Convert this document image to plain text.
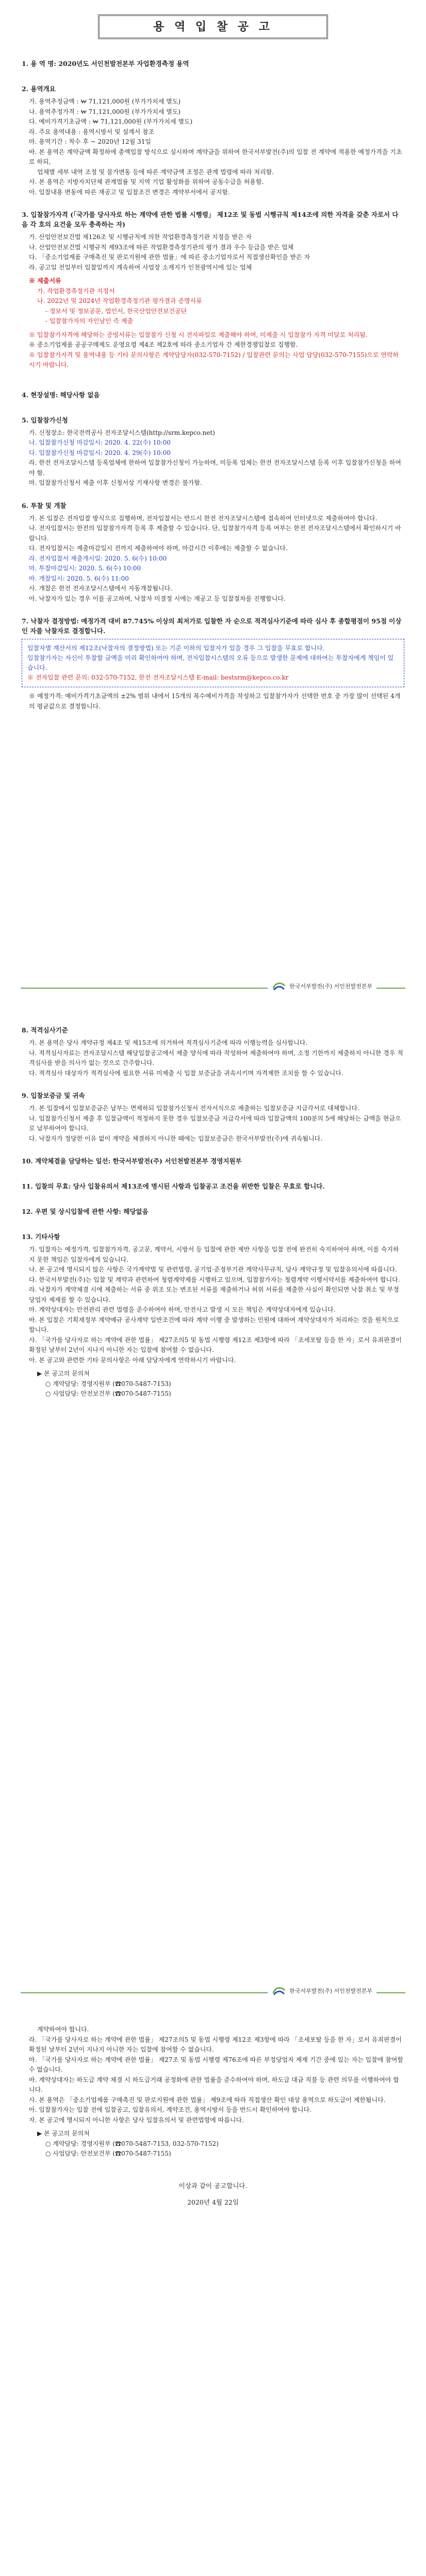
용 역 입 찰 공 고
1. 용 역 명: 2020년도 서인천발전본부 자업환경측정 용역
2. 용역개요
가. 용역추정금액 : ₩ 71,121,000원 (부가가치세 별도)
나. 용역추정가격 : ₩ 71,121,000원 (부가가치세 별도)
다. 예비가격기초금액 : ₩ 71,121,000원 (부가가치세 별도)
라. 주요 용역내용 : 용역시방서 및 설계서 참조
마. 용역기간 : 착수 후 ~ 2020년 12월 31일
바. 본 용역은 계약금액 확정하에 총액입찰 방식으로 실시하며 계약금을 위하여 한국서부발전(주)의 입찰 전 계약에 적용한 예정가격을 기초로 하되,
업체별 세부 내역 조정 및 물가변동 등에 따른 계약금액 조정은 관계 법령에 따라 처리함.
사. 본 용역은 지방자치단체 관계법률 및 지역 기업 활성화를 위하여 공동수급을 허용함.
아. 입찰내용 변동에 따른 재공고 및 입찰조건 변경은 계약부서에서 공지함.
3. 입찰참가자격 (「국가를 당사자로 하는 계약에 관한 법률 시행령」 제12조 및 동법 시행규칙 제14조에 의한 자격을 갖춘 자로서 다음 각 호의 요건을 모두 충족하는 자)
가. 산업안전보건법 제126조 및 시행규칙에 의한 작업환경측정기관 지정을 받은 자
나. 산업안전보건법 시행규칙 제93조에 따른 작업환경측정기관의 평가 결과 우수 등급을 받은 업체
다. 「중소기업제품 구매촉진 및 판로지원에 관한 법률」에 따른 중소기업자로서 직접생산확인을 받은 자
라. 공고일 전일부터 입찰일까지 계속하여 사업장 소재지가 인천광역시에 있는 업체
※ 제출서류
가. 작업환경측정기관 지정서
나. 2022년 및 2024년 작업환경측정기관 평가결과 증명서류
- 정보서 및 정보공문, 법인서, 한국산업안전보건공단
- 입찰참가자의 자인남인 즉 제출
※ 입찰참가자격에 해당하는 증빙서류는 입찰참가 신청 시 전자파일로 제출해야 하며, 미제출 시 입찰참가 자격 미달로 처리됨.
※ 중소기업제품 공공구매제도 운영요령 제4조 제2호에 따라 중소기업자 간 제한경쟁입찰로 집행함.
※ 입찰참가자격 및 용역내용 등 기타 문의사항은 계약담당자(032-570-7152) / 입찰관련 문의는 사업 담당(032-570-7155)으로 연락하시기 바랍니다.
4. 현장설명: 해당사항 없음
5. 입찰참가신청
가. 신청장소: 한국전력공사 전자조달시스템(http://srm.kepco.net)
나. 입찰참가신청 마감일시: 2020. 4. 22(수) 10:00
다. 입찰참가신청 마감일시: 2020. 4. 29(수) 10:00
라. 한전 전자조달시스템 등록업체에 한하여 입찰참가신청이 가능하며, 미등록 업체는 한전 전자조달시스템 등록 이후 입찰참가신청을 하여야 함.
마. 입찰참가신청서 제출 이후 신청서상 기재사항 변경은 불가함.
6. 투찰 및 개찰
가. 본 입찰은 전자입찰 방식으로 집행하며, 전자입찰서는 반드시 한전 전자조달시스템에 접속하여 인터넷으로 제출하여야 합니다.
나. 전자입찰서는 한전의 입찰참가자격 등록 후 제출할 수 있습니다. 단, 입찰참가자격 등록 여부는 한전 전자조달시스템에서 확인하시기 바랍니다.
다. 전자입찰서는 제출마감일시 전까지 제출하여야 하며, 마감시간 이후에는 제출할 수 없습니다.
라. 전자입찰서 제출개시일: 2020. 5. 6(수) 10:00
마. 투찰마감일시: 2020. 5. 6(수) 10:00
바. 개찰일시: 2020. 5. 6(수) 11:00
사. 개찰은 한전 전자조달시스템에서 자동개찰됩니다.
아. 낙찰자가 있는 경우 이를 공고하며, 낙찰자 미결정 시에는 재공고 등 입찰절차를 진행합니다.
7. 낙찰자 결정방법: 예정가격 대비 87.745% 이상의 최저가로 입찰한 자 순으로 적격심사기준에 따라 심사 후 종합평점이 95점 이상인 자를 낙찰자로 결정합니다.
입찰자별 계산서의 제12조(낙찰자의 결정방법) 또는 기준 이하의 입찰자가 있을 경우 그 입찰을 무효로 합니다.
입찰참가자는 자신이 투찰할 금액을 미리 확인하여야 하며, 전자입찰시스템의 오류 등으로 발생한 문제에 대하여는 투찰자에게 책임이 있습니다.
※ 전자입찰 관련 문의: 032-570-7152, 한전 전자조달시스템 E-mail: bestsrm@kepco.co.kr
※ 예정가격: 예비가격기초금액의 ±2% 범위 내에서 15개의 복수예비가격을 작성하고 입찰참가자가 선택한 번호 중 가장 많이 선택된 4개의 평균값으로 결정합니다.
한국서부발전(주) 서인천발전본부
8. 적격심사기준
가. 본 용역은 당사 계약규정 제4조 및 제15조에 의거하여 적격심사기준에 따라 이행능력을 심사합니다.
나. 적격심사자료는 전자조달시스템 해당입찰공고에서 제출 양식에 따라 작성하여 제출하여야 하며, 소정 기한까지 제출하지 아니한 경우 적격심사를 받을 의사가 없는 것으로 간주합니다.
다. 적격심사 대상자가 적격심사에 필요한 서류 미제출 시 입찰 보증금을 귀속시키며 자격제한 조치를 할 수 있습니다.
9. 입찰보증금 및 귀속
가. 본 입찰에서 입찰보증금은 납부는 면제하되 입찰참가신청서 전자서식으로 제출하는 입찰보증금 지급각서로 대체합니다.
나. 입찰참가신청서 제출 후 입찰금액이 적정하지 못한 경우 입찰보증금 지급각서에 따라 입찰금액의 100분의 5에 해당하는 금액을 현금으로 납부하여야 합니다.
다. 낙찰자가 정당한 이유 없이 계약을 체결하지 아니한 때에는 입찰보증금은 한국서부발전(주)에 귀속됩니다.
10. 계약체결을 담당하는 일선: 한국서부발전(주) 서인천발전본부 경영지원부
11. 입찰의 무효: 당사 입찰유의서 제13조에 명시된 사항과 입찰공고 조건을 위반한 입찰은 무효로 합니다.
12. 우편 및 상시입찰에 관한 사항: 해당없음
13. 기타사항
가. 입찰자는 예정가격, 입찰참가자격, 공고문, 계약서, 시방서 등 입찰에 관한 제반 사항을 입찰 전에 완전히 숙지하여야 하며, 이를 숙지하지 못한 책임은 입찰자에게 있습니다.
나. 본 공고에 명시되지 않은 사항은 국가계약법 및 관련법령, 공기업·준정부기관 계약사무규칙, 당사 계약규정 및 입찰유의서에 따릅니다.
다. 한국서부발전(주)는 입찰 및 계약과 관련하여 청렴계약제를 시행하고 있으며, 입찰참가자는 청렴계약 이행서약서를 제출하여야 합니다.
라. 낙찰자가 계약체결 시에 제출하는 서류 중 위조 또는 변조된 서류를 제출하거나 허위 서류를 제출한 사실이 확인되면 낙찰 취소 및 부정당업자 제재를 할 수 있습니다.
마. 계약상대자는 안전관리 관련 법령을 준수하여야 하며, 안전사고 발생 시 모든 책임은 계약상대자에게 있습니다.
바. 본 입찰은 기획재정부 계약예규 공사계약 일반조건에 따라 계약 이행 중 발생하는 민원에 대하여 계약상대자가 처리하는 것을 원칙으로 합니다.
사. 「국가를 당사자로 하는 계약에 관한 법률」 제27조의5 및 동법 시행령 제12조 제3항에 따라 「조세포탈 등을 한 자」로서 유죄판결이 확정된 날부터 2년이 지나지 아니한 자는 입찰에 참여할 수 없습니다.
아. 본 공고와 관련한 기타 문의사항은 아래 담당자에게 연락하시기 바랍니다.
▶ 본 공고의 문의처
○ 계약담당: 경영지원부 (☎070-5487-7153)
○ 사업담당: 안전보건부 (☎070-5487-7155)
한국서부발전(주) 서인천발전본부
계약하여야 합니다.
라. 「국가를 당사자로 하는 계약에 관한 법률」 제27조의5 및 동법 시행령 제12조 제3항에 따라 「조세포탈 등을 한 자」로서 유죄판결이 확정된 날부터 2년이 지나지 아니한 자는 입찰에 참여할 수 없습니다.
마. 「국가를 당사자로 하는 계약에 관한 법률」 제27조 및 동법 시행령 제76조에 따른 부정당업자 제재 기간 중에 있는 자는 입찰에 참여할 수 없습니다.
바. 계약상대자는 하도급 계약 체결 시 하도급거래 공정화에 관한 법률을 준수하여야 하며, 하도급 대금 직불 등 관련 의무를 이행하여야 합니다.
사. 본 용역은 「중소기업제품 구매촉진 및 판로지원에 관한 법률」 제9조에 따라 직접생산 확인 대상 용역으로 하도급이 제한됩니다.
아. 입찰참가자는 입찰 전에 입찰공고, 입찰유의서, 계약조건, 용역시방서 등을 반드시 확인하여야 합니다.
자. 본 공고에 명시되지 아니한 사항은 당사 입찰유의서 및 관련법령에 따릅니다.
▶ 본 공고의 문의처
○ 계약담당: 경영지원부 (☎070-5487-7153, 032-570-7152)
○ 사업담당: 안전보건부 (☎070-5487-7155)
이상과 같이 공고합니다.
2020년 4월 22일
